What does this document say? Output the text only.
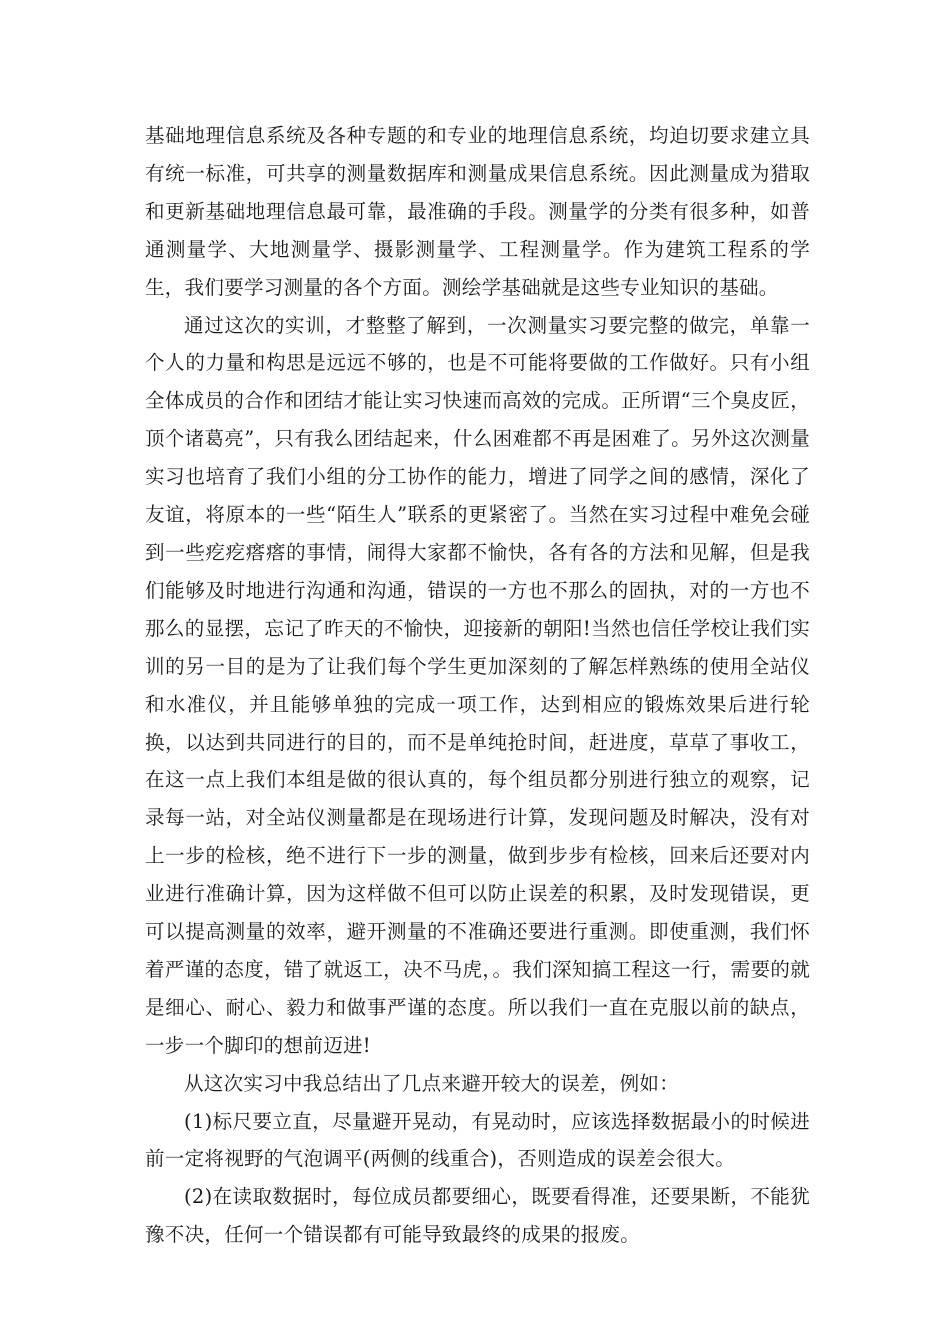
基础地理信息系统及各种专题的和专业的地理信息系统，均迫切要求建立具有统一标准，可共享的测量数据库和测量成果信息系统。因此测量成为猎取和更新基础地理信息最可靠，最准确的手段。测量学的分类有很多种，如普通测量学、大地测量学、摄影测量学、工程测量学。作为建筑工程系的学生，我们要学习测量的各个方面。测绘学基础就是这些专业知识的基础。

通过这次的实训，才整整了解到，一次测量实习要完整的做完，单靠一个人的力量和构思是远远不够的，也是不可能将要做的工作做好。只有小组全体成员的合作和团结才能让实习快速而高效的完成。正所谓“三个臭皮匠，顶个诸葛亮”，只有我么团结起来，什么困难都不再是困难了。另外这次测量实习也培育了我们小组的分工协作的能力，增进了同学之间的感情，深化了友谊，将原本的一些“陌生人”联系的更紧密了。当然在实习过程中难免会碰到一些疙疙瘩瘩的事情，闹得大家都不愉快，各有各的方法和见解，但是我们能够及时地进行沟通和沟通，错误的一方也不那么的固执，对的一方也不那么的显摆，忘记了昨天的不愉快，迎接新的朝阳!当然也信任学校让我们实训的另一目的是为了让我们每个学生更加深刻的了解怎样熟练的使用全站仪和水准仪，并且能够单独的完成一项工作，达到相应的锻炼效果后进行轮换，以达到共同进行的目的，而不是单纯抢时间，赶进度，草草了事收工，在这一点上我们本组是做的很认真的，每个组员都分别进行独立的观察，记录每一站，对全站仪测量都是在现场进行计算，发现问题及时解决，没有对上一步的检核，绝不进行下一步的测量，做到步步有检核，回来后还要对内业进行准确计算，因为这样做不但可以防止误差的积累，及时发现错误，更可以提高测量的效率，避开测量的不准确还要进行重测。即使重测，我们怀着严谨的态度，错了就返工，决不马虎，。我们深知搞工程这一行，需要的就是细心、耐心、毅力和做事严谨的态度。所以我们一直在克服以前的缺点，一步一个脚印的想前迈进!

从这次实习中我总结出了几点来避开较大的误差，例如：

(1)标尺要立直，尽量避开晃动，有晃动时，应该选择数据最小的时候进前一定将视野的气泡调平(两侧的线重合)，否则造成的误差会很大。

(2)在读取数据时，每位成员都要细心，既要看得准，还要果断，不能犹豫不决，任何一个错误都有可能导致最终的成果的报废。
